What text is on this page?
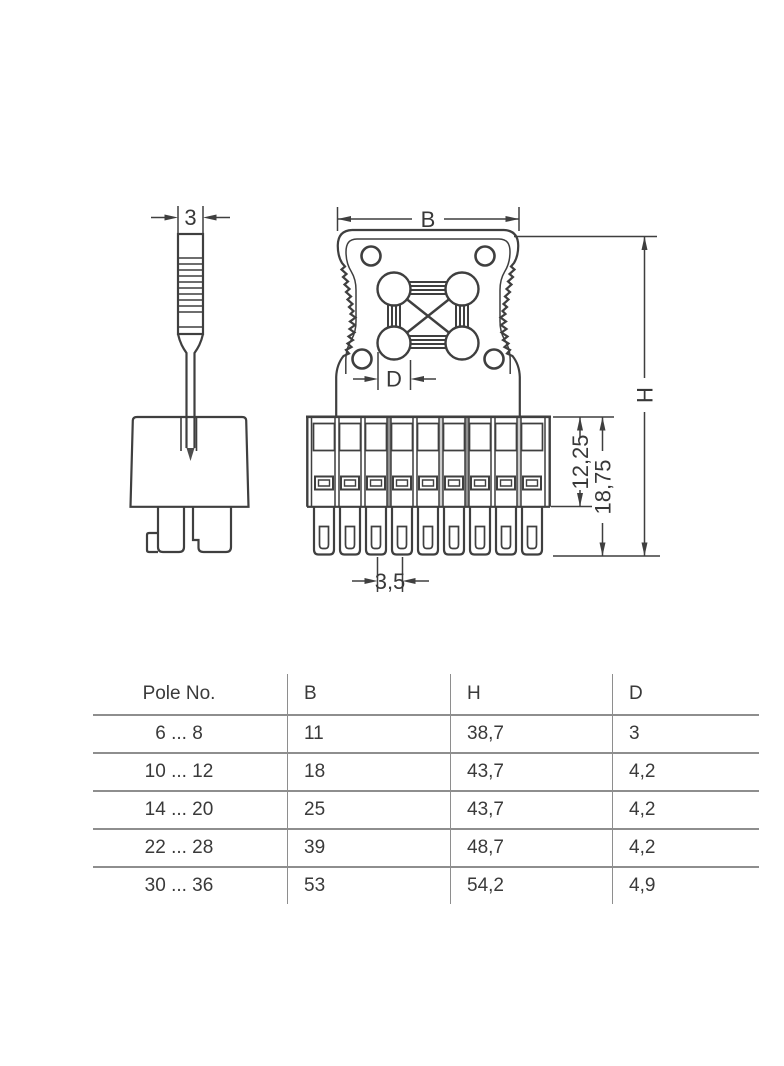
3	B
D
12,25
18,75
H
3,5
Pole No.	B	H	D
6 ... 8	11	38,7	3
10 ... 12	18	43,7	4,2
14 ... 20	25	43,7	4,2
22 ... 28	39	48,7	4,2
30 ... 36	53	54,2	4,9
